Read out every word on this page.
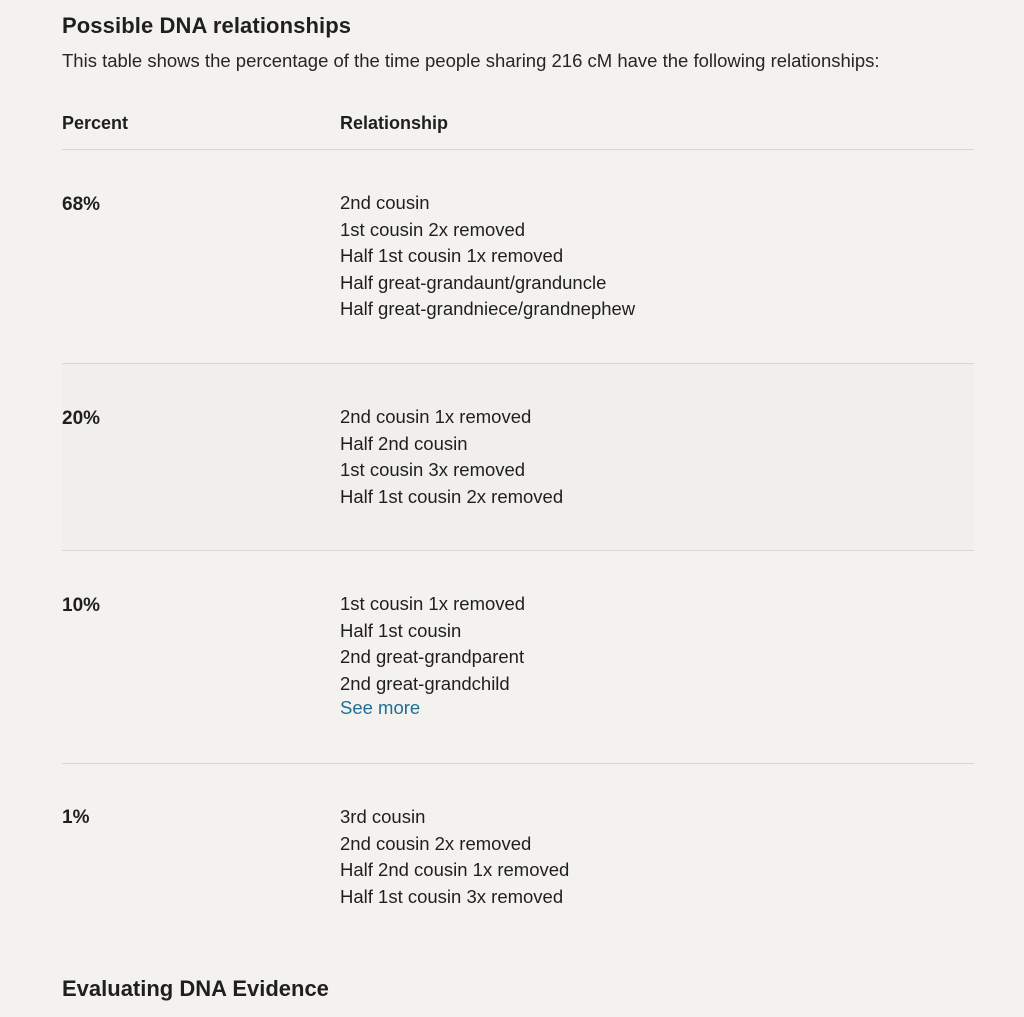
Possible DNA relationships
This table shows the percentage of the time people sharing 216 cM have the following relationships:
Percent	Relationship
68%	2nd cousin
1st cousin 2x removed
Half 1st cousin 1x removed
Half great-grandaunt/granduncle
Half great-grandniece/grandnephew
20%	2nd cousin 1x removed
Half 2nd cousin
1st cousin 3x removed
Half 1st cousin 2x removed
10%	1st cousin 1x removed
Half 1st cousin
2nd great-grandparent
2nd great-grandchild
See more
1%	3rd cousin
2nd cousin 2x removed
Half 2nd cousin 1x removed
Half 1st cousin 3x removed
Evaluating DNA Evidence
